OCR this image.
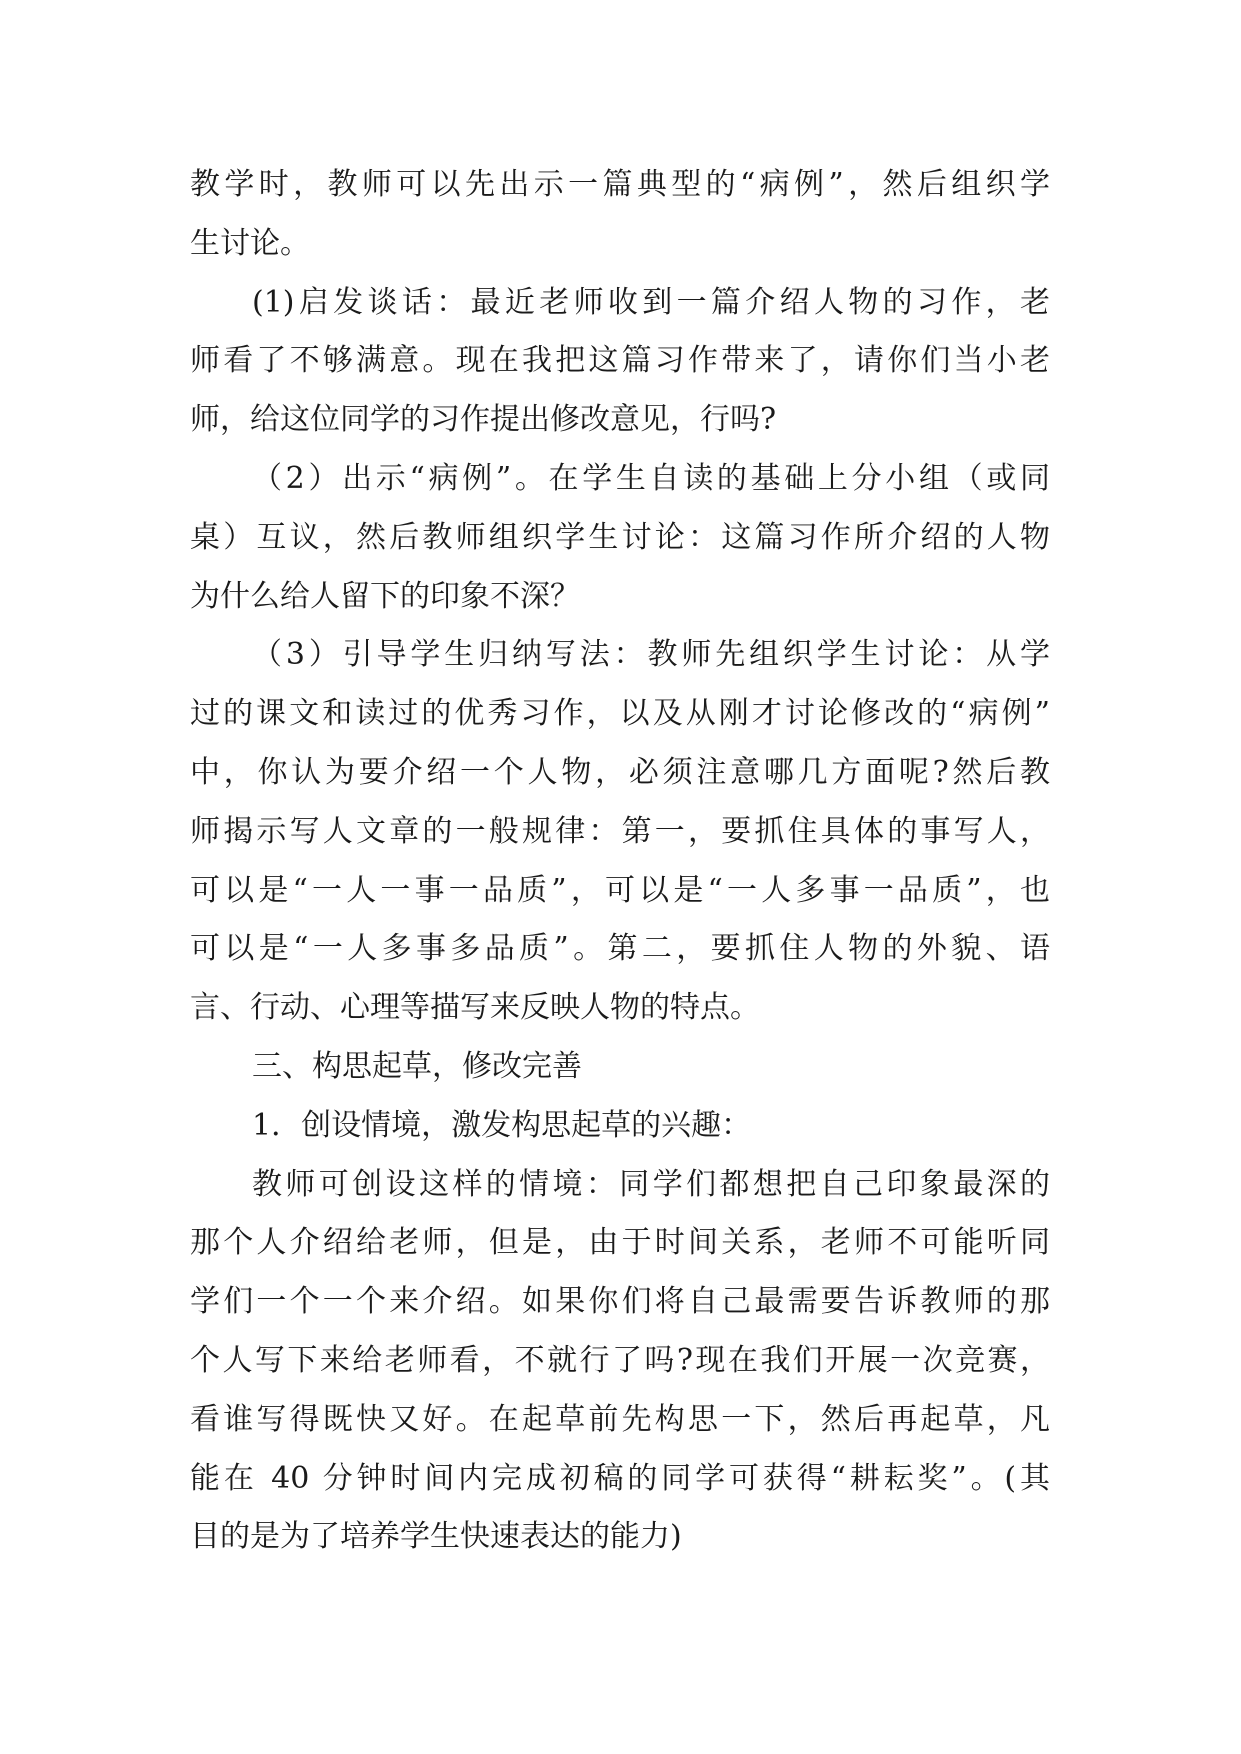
教学时，教师可以先出示一篇典型的“病例”，然后组织学
生讨论。
(1)启发谈话：最近老师收到一篇介绍人物的习作，老
师看了不够满意。现在我把这篇习作带来了，请你们当小老
师，给这位同学的习作提出修改意见，行吗?
（2）出示“病例”。在学生自读的基础上分小组（或同
桌）互议，然后教师组织学生讨论：这篇习作所介绍的人物
为什么给人留下的印象不深？
（3）引导学生归纳写法：教师先组织学生讨论：从学
过的课文和读过的优秀习作，以及从刚才讨论修改的“病例”
中，你认为要介绍一个人物，必须注意哪几方面呢?然后教
师揭示写人文章的一般规律：第一，要抓住具体的事写人，
可以是“一人一事一品质”，可以是“一人多事一品质”，也
可以是“一人多事多品质”。第二，要抓住人物的外貌、语
言、行动、心理等描写来反映人物的特点。
三、构思起草，修改完善
1．创设情境，激发构思起草的兴趣：
教师可创设这样的情境：同学们都想把自己印象最深的
那个人介绍给老师，但是，由于时间关系，老师不可能听同
学们一个一个来介绍。如果你们将自己最需要告诉教师的那
个人写下来给老师看，不就行了吗?现在我们开展一次竞赛，
看谁写得既快又好。在起草前先构思一下，然后再起草，凡
能在 40 分钟时间内完成初稿的同学可获得“耕耘奖”。(其
目的是为了培养学生快速表达的能力)
